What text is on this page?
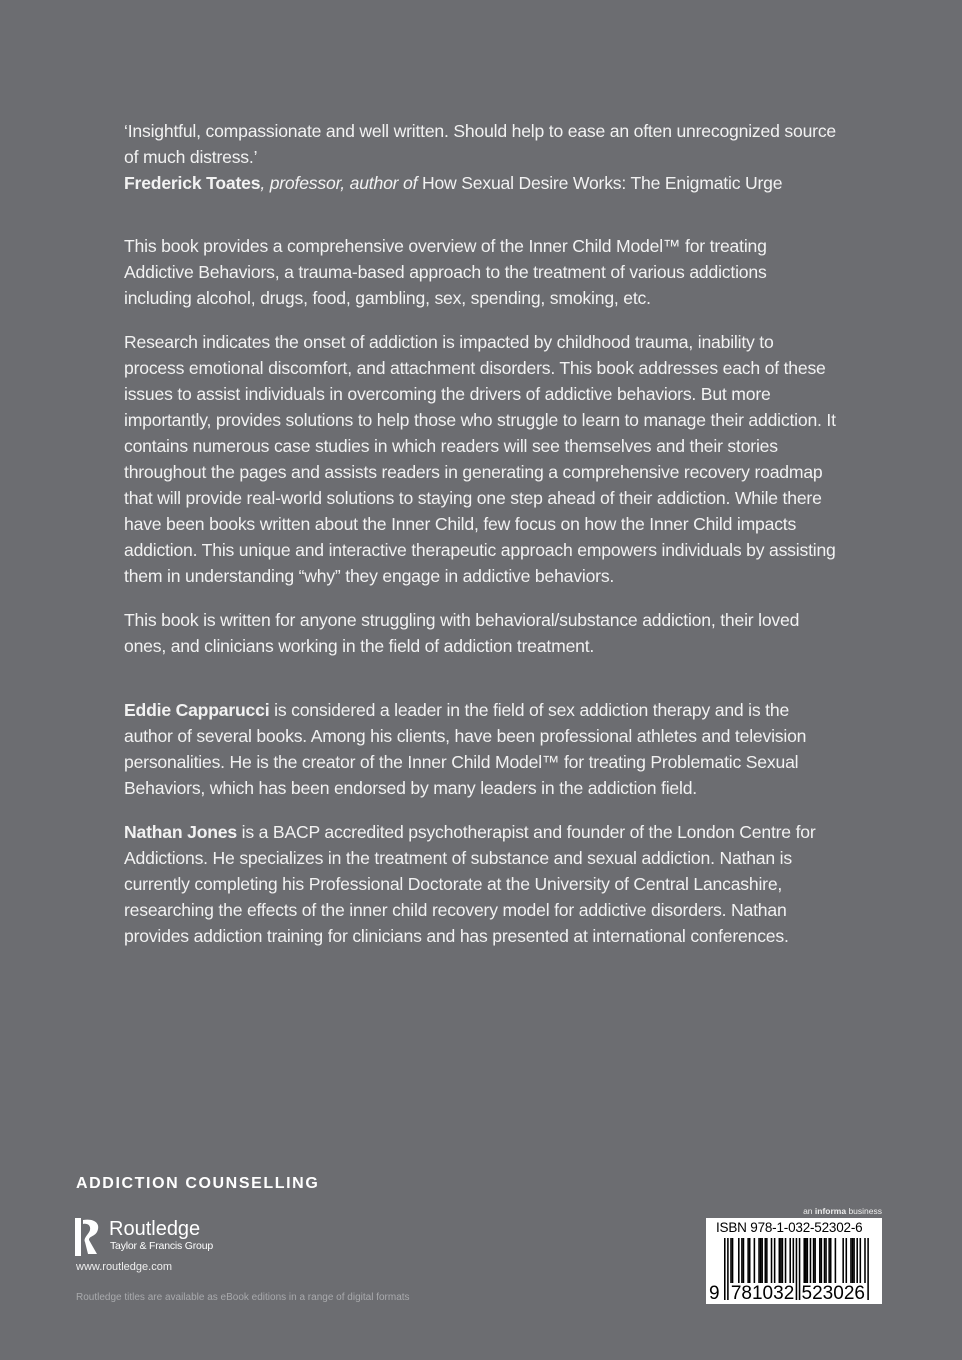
‘Insightful, compassionate and well written. Should help to ease an often unrecognized source of much distress.’

Frederick Toates, professor, author of How Sexual Desire Works: The Enigmatic Urge

This book provides a comprehensive overview of the Inner Child Model™ for treating Addictive Behaviors, a trauma-based approach to the treatment of various addictions including alcohol, drugs, food, gambling, sex, spending, smoking, etc.
Research indicates the onset of addiction is impacted by childhood trauma, inability to process emotional discomfort, and attachment disorders. This book addresses each of these issues to assist individuals in overcoming the drivers of addictive behaviors. But more importantly, provides solutions to help those who struggle to learn to manage their addiction. It contains numerous case studies in which readers will see themselves and their stories throughout the pages and assists readers in generating a comprehensive recovery roadmap that will provide real-world solutions to staying one step ahead of their addiction. While there have been books written about the Inner Child, few focus on how the Inner Child impacts addiction. This unique and interactive therapeutic approach empowers individuals by assisting them in understanding “why” they engage in addictive behaviors.
This book is written for anyone struggling with behavioral/substance addiction, their loved ones, and clinicians working in the field of addiction treatment.
Eddie Capparucci is considered a leader in the field of sex addiction therapy and is the author of several books. Among his clients, have been professional athletes and television personalities. He is the creator of the Inner Child Model™ for treating Problematic Sexual Behaviors, which has been endorsed by many leaders in the addiction field.
Nathan Jones is a BACP accredited psychotherapist and founder of the London Centre for Addictions. He specializes in the treatment of substance and sexual addiction. Nathan is currently completing his Professional Doctorate at the University of Central Lancashire, researching the effects of the inner child recovery model for addictive disorders. Nathan provides addiction training for clinicians and has presented at international conferences.
ADDICTION COUNSELLING
Routledge
Taylor & Francis Group
www.routledge.com
Routledge titles are available as eBook editions in a range of digital formats
an informa business
ISBN 978-1-032-52302-6
9 781032 523026
